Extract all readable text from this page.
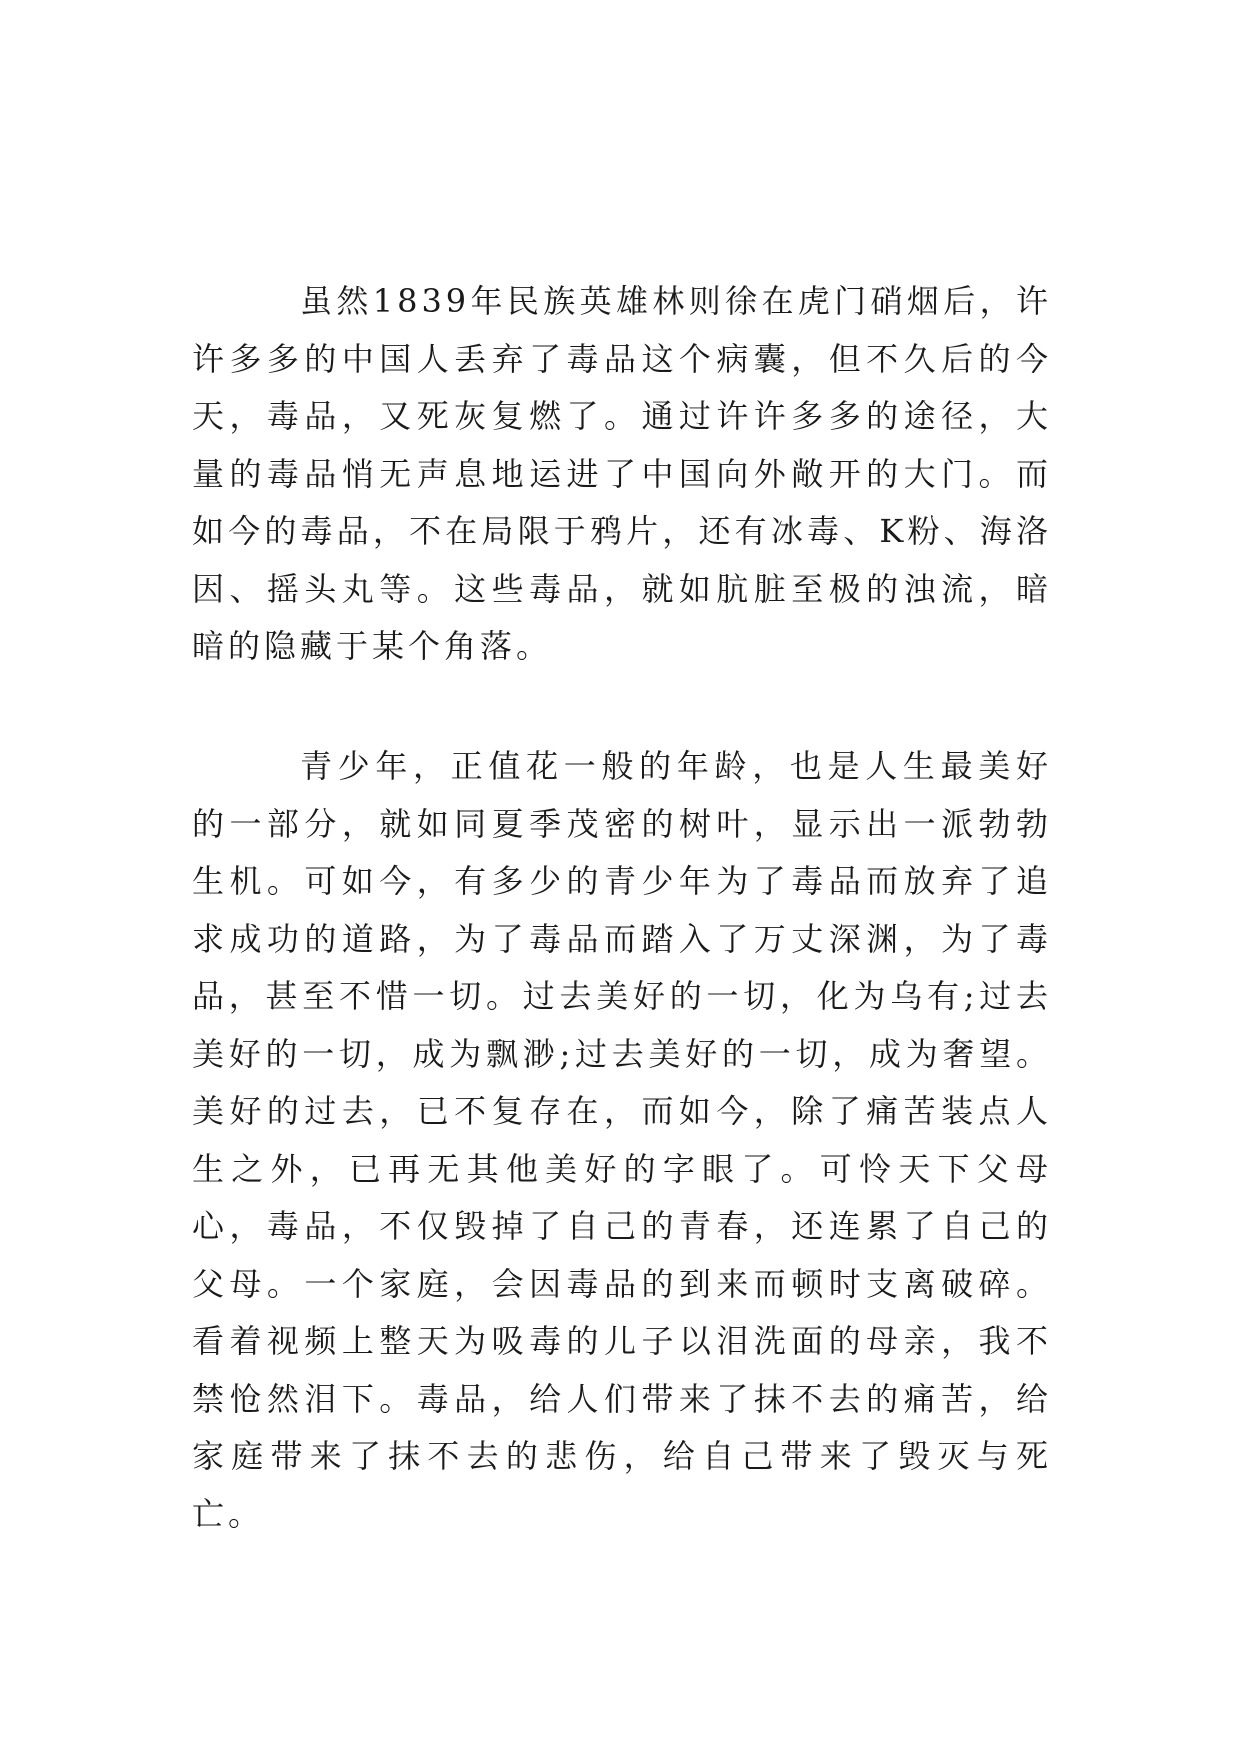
虽然1839年民族英雄林则徐在虎门硝烟后，许许多多的中国人丢弃了毒品这个病囊，但不久后的今天，毒品，又死灰复燃了。通过许许多多的途径，大量的毒品悄无声息地运进了中国向外敞开的大门。而如今的毒品，不在局限于鸦片，还有冰毒、K粉、海洛因、摇头丸等。这些毒品，就如肮脏至极的浊流，暗暗的隐藏于某个角落。

青少年，正值花一般的年龄，也是人生最美好的一部分，就如同夏季茂密的树叶，显示出一派勃勃生机。可如今，有多少的青少年为了毒品而放弃了追求成功的道路，为了毒品而踏入了万丈深渊，为了毒品，甚至不惜一切。过去美好的一切，化为乌有;过去美好的一切，成为飘渺;过去美好的一切，成为奢望。美好的过去，已不复存在，而如今，除了痛苦装点人生之外，已再无其他美好的字眼了。可怜天下父母心，毒品，不仅毁掉了自己的青春，还连累了自己的父母。一个家庭，会因毒品的到来而顿时支离破碎。看着视频上整天为吸毒的儿子以泪洗面的母亲，我不禁怆然泪下。毒品，给人们带来了抹不去的痛苦，给家庭带来了抹不去的悲伤，给自己带来了毁灭与死亡。
